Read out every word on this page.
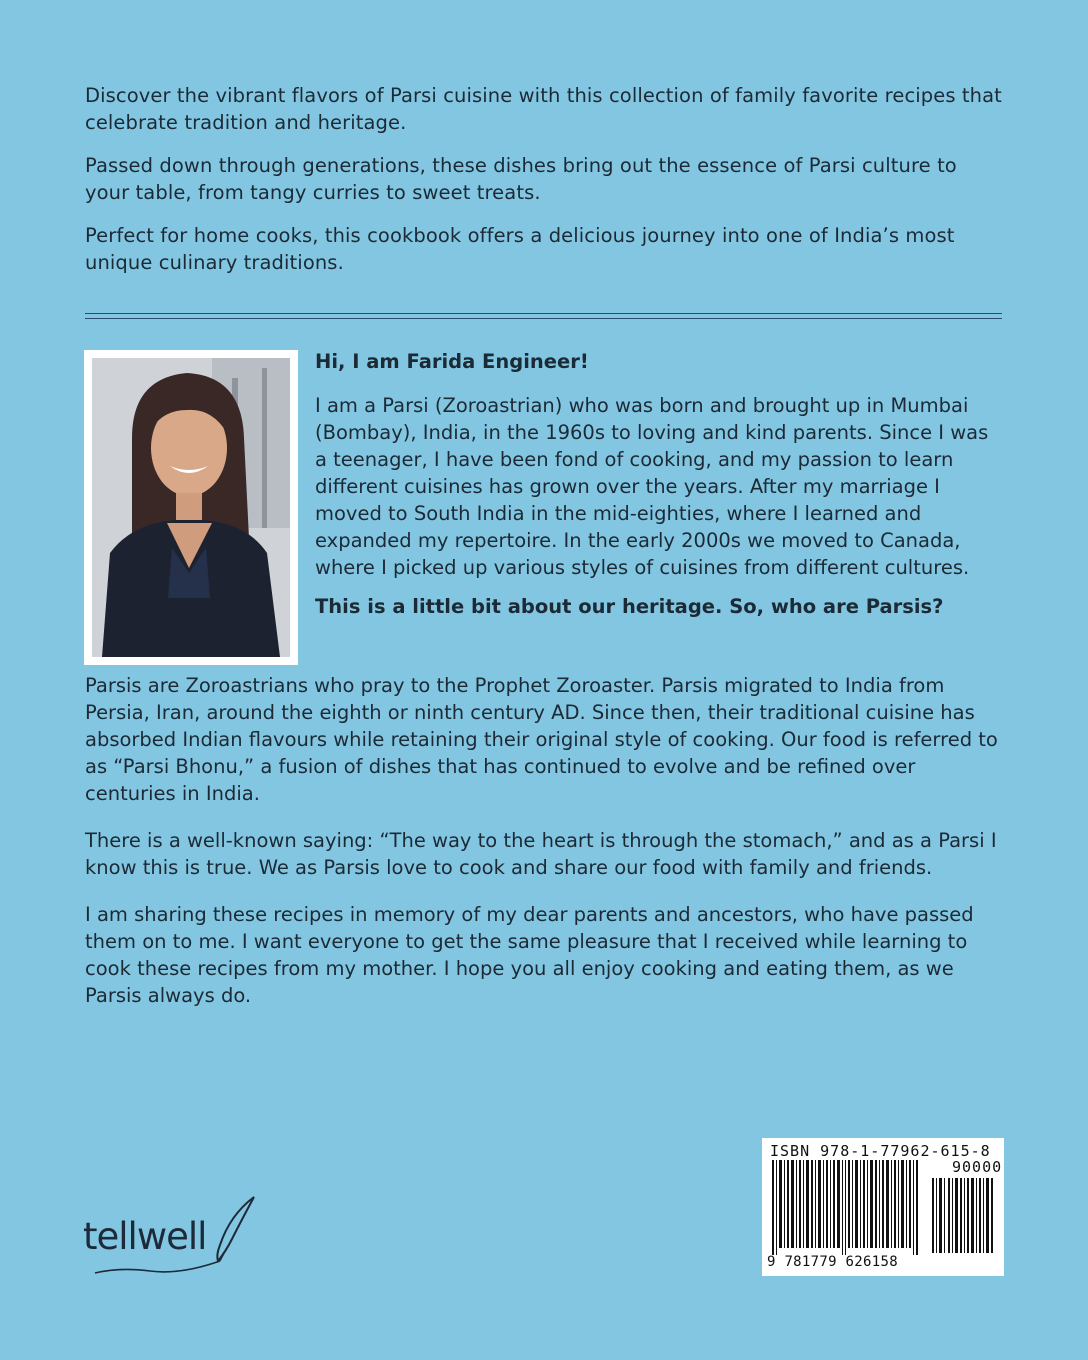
Discover the vibrant flavors of Parsi cuisine with this collection of family favorite recipes that celebrate tradition and heritage.

Passed down through generations, these dishes bring out the essence of Parsi culture to your table, from tangy curries to sweet treats.

Perfect for home cooks, this cookbook offers a delicious journey into one of India’s most unique culinary traditions.

Hi, I am Farida Engineer!

I am a Parsi (Zoroastrian) who was born and brought up in Mumbai (Bombay), India, in the 1960s to loving and kind parents. Since I was a teenager, I have been fond of cooking, and my passion to learn different cuisines has grown over the years. After my marriage I moved to South India in the mid-eighties, where I learned and expanded my repertoire. In the early 2000s we moved to Canada, where I picked up various styles of cuisines from different cultures.

This is a little bit about our heritage. So, who are Parsis?

Parsis are Zoroastrians who pray to the Prophet Zoroaster. Parsis migrated to India from Persia, Iran, around the eighth or ninth century AD. Since then, their traditional cuisine has absorbed Indian flavours while retaining their original style of cooking. Our food is referred to as “Parsi Bhonu,” a fusion of dishes that has continued to evolve and be refined over centuries in India.

There is a well-known saying: “The way to the heart is through the stomach,” and as a Parsi I know this is true. We as Parsis love to cook and share our food with family and friends.

I am sharing these recipes in memory of my dear parents and ancestors, who have passed them on to me. I want everyone to get the same pleasure that I received while learning to cook these recipes from my mother. I hope you all enjoy cooking and eating them, as we Parsis always do.

tellwell
ISBN 978-1-77962-615-8
90000
9 781779 626158
